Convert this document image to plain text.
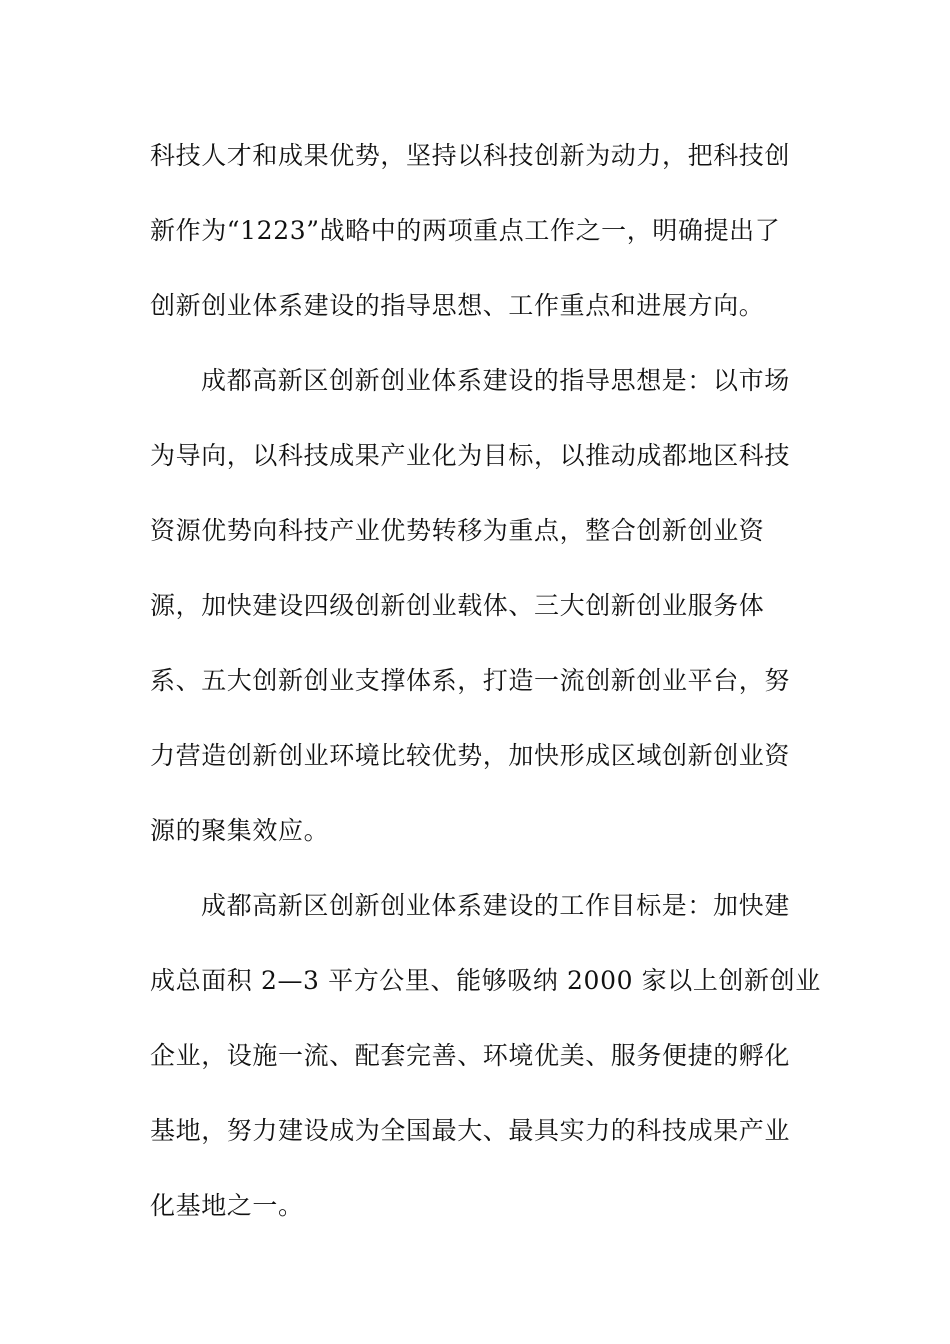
科技人才和成果优势，坚持以科技创新为动力，把科技创
新作为“1223”战略中的两项重点工作之一，明确提出了
创新创业体系建设的指导思想、工作重点和进展方向。
成都高新区创新创业体系建设的指导思想是：以市场
为导向，以科技成果产业化为目标，以推动成都地区科技
资源优势向科技产业优势转移为重点，整合创新创业资
源，加快建设四级创新创业载体、三大创新创业服务体
系、五大创新创业支撑体系，打造一流创新创业平台，努
力营造创新创业环境比较优势，加快形成区域创新创业资
源的聚集效应。
成都高新区创新创业体系建设的工作目标是：加快建
成总面积 2—3 平方公里、能够吸纳 2000 家以上创新创业
企业，设施一流、配套完善、环境优美、服务便捷的孵化
基地，努力建设成为全国最大、最具实力的科技成果产业
化基地之一。
